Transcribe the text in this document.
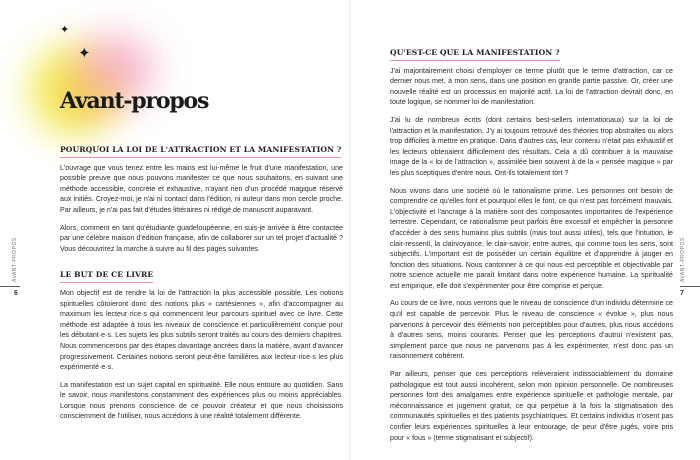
✦
✦
Avant-propos
POURQUOI LA LOI DE L'ATTRACTION ET LA MANIFESTATION ?

L'ouvrage que vous tenez entre les mains est lui-même le fruit d'une manifestation, une possible preuve que nous pouvons manifester ce que nous souhaitons, en suivant une méthode accessible, concrète et exhaustive, n'ayant rien d'un procédé magique réservé aux initiés. Croyez-moi, je n'ai ni contact dans l'édition, ni auteur dans mon cercle proche. Par ailleurs, je n'ai pas fait d'études littéraires ni rédigé de manuscrit auparavant.

Alors, comment en tant qu'étudiante guadeloupéenne, en suis-je arrivée à être contactée par une célèbre maison d'édition française, afin de collaborer sur un tel projet d'actualité ? Vous découvrirez la marche à suivre au fil des pages suivantes.

LE BUT DE CE LIVRE

Mon objectif est de rendre la loi de l'attraction la plus accessible possible. Les notions spirituelles côtoieront donc des notions plus « cartésiennes », afin d'accompagner au maximum les lecteur·rice·s qui commencent leur parcours spirituel avec ce livre. Cette méthode est adaptée à tous les niveaux de conscience et particulièrement conçue pour les débutant·e·s. Les sujets les plus subtils seront traités au cours des derniers chapitres. Nous commencerons par des étapes davantage ancrées dans la matière, avant d'avancer progressivement. Certaines notions seront peut-être familières aux lecteur·rice·s les plus expérimenté·e·s.

La manifestation est un sujet capital en spiritualité. Elle nous entoure au quotidien. Sans le savoir, nous manifestons constamment des expériences plus ou moins appréciables. Lorsque nous prenons conscience de ce pouvoir créateur et que nous choisissons consciemment de l'utiliser, nous accédons à une réalité totalement différente.

AVANT-PROPOS
6
QU'EST-CE QUE LA MANIFESTATION ?

J'ai majoritairement choisi d'employer ce terme plutôt que le terme d'attraction, car ce dernier nous met, à mon sens, dans une position en grande partie passive. Or, créer une nouvelle réalité est un processus en majorité actif. La loi de l'attraction devrait donc, en toute logique, se nommer loi de manifestation.

J'ai lu de nombreux écrits (dont certains best-sellers internationaux) sur la loi de l'attraction et la manifestation. J'y ai toujours retrouvé des théories trop abstraites ou alors trop difficiles à mettre en pratique. Dans d'autres cas, leur contenu n'était pas exhaustif et les lecteurs obtenaient difficilement des résultats. Cela a dû contribuer à la mauvaise image de la « loi de l'attraction », assimilée bien souvent à de la « pensée magique » par les plus sceptiques d'entre nous. Ont-ils totalement tort ?

Nous vivons dans une société où le rationalisme prime. Les personnes ont besoin de comprendre ce qu'elles font et pourquoi elles le font, ce qui n'est pas forcément mauvais. L'objectivité et l'ancrage à la matière sont des composantes importantes de l'expérience terrestre. Cependant, ce rationalisme peut parfois être excessif et empêcher la personne d'accéder à des sens humains plus subtils (mais tout aussi utiles), tels que l'intuition, le clair-ressenti, la clairvoyance, le clair-savoir, entre autres, qui comme tous les sens, sont subjectifs. L'important est de posséder un certain équilibre et d'apprendre à jauger en fonction des situations. Nous cantonner à ce qui nous est perceptible et objectivable par notre science actuelle me paraît limitant dans notre expérience humaine. La spiritualité est empirique, elle doit s'expérimenter pour être comprise et perçue.

Au cours de ce livre, nous verrons que le niveau de conscience d'un individu détermine ce qu'il est capable de percevoir. Plus le niveau de conscience « évolue », plus nous parvenons à percevoir des éléments non perceptibles pour d'autres, plus nous accédons à d'autres sens, moins courants. Penser que les perceptions d'autrui n'existent pas, simplement parce que nous ne parvenons pas à les expérimenter, n'est donc pas un raisonnement cohérent.

Par ailleurs, penser que ces perceptions relèveraient indissociablement du domaine pathologique est tout aussi incohérent, selon mon opinion personnelle. De nombreuses personnes font des amalgames entre expérience spirituelle et pathologie mentale, par méconnaissance et jugement gratuit, ce qui perpétue à la fois la stigmatisation des communautés spirituelles et des patients psychiatriques. Et certains individus n'osent pas confier leurs expériences spirituelles à leur entourage, de peur d'être jugés, voire pris pour « fous » (terme stigmatisant et subjectif).

AVANT-PROPOS
7
